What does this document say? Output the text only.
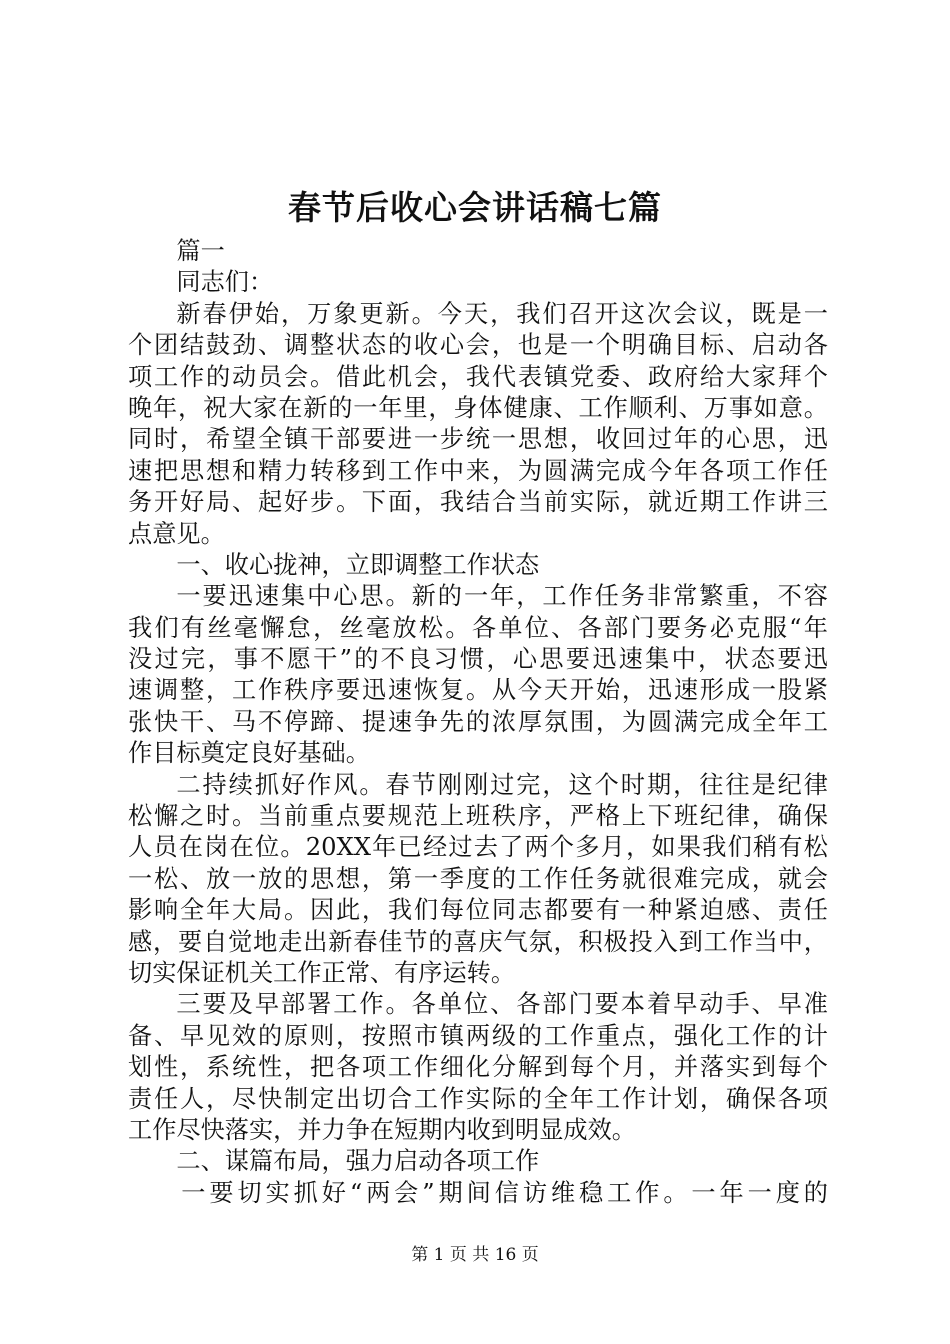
春节后收心会讲话稿七篇
篇一
同志们：
新春伊始，万象更新。今天，我们召开这次会议，既是一
个团结鼓劲、调整状态的收心会，也是一个明确目标、启动各
项工作的动员会。借此机会，我代表镇党委、政府给大家拜个
晚年，祝大家在新的一年里，身体健康、工作顺利、万事如意。
同时，希望全镇干部要进一步统一思想，收回过年的心思，迅
速把思想和精力转移到工作中来，为圆满完成今年各项工作任
务开好局、起好步。下面，我结合当前实际，就近期工作讲三
点意见。
一、收心拢神，立即调整工作状态
一要迅速集中心思。新的一年，工作任务非常繁重，不容
我们有丝毫懈怠，丝毫放松。各单位、各部门要务必克服“年
没过完，事不愿干”的不良习惯，心思要迅速集中，状态要迅
速调整，工作秩序要迅速恢复。从今天开始，迅速形成一股紧
张快干、马不停蹄、提速争先的浓厚氛围，为圆满完成全年工
作目标奠定良好基础。
二持续抓好作风。春节刚刚过完，这个时期，往往是纪律
松懈之时。当前重点要规范上班秩序，严格上下班纪律，确保
人员在岗在位。20XX年已经过去了两个多月，如果我们稍有松
一松、放一放的思想，第一季度的工作任务就很难完成，就会
影响全年大局。因此，我们每位同志都要有一种紧迫感、责任
感，要自觉地走出新春佳节的喜庆气氛，积极投入到工作当中，
切实保证机关工作正常、有序运转。
三要及早部署工作。各单位、各部门要本着早动手、早准
备、早见效的原则，按照市镇两级的工作重点，强化工作的计
划性，系统性，把各项工作细化分解到每个月，并落实到每个
责任人，尽快制定出切合工作实际的全年工作计划，确保各项
工作尽快落实，并力争在短期内收到明显成效。
二、谋篇布局，强力启动各项工作
一要切实抓好“两会”期间信访维稳工作。一年一度的
第 1 页 共 16 页
